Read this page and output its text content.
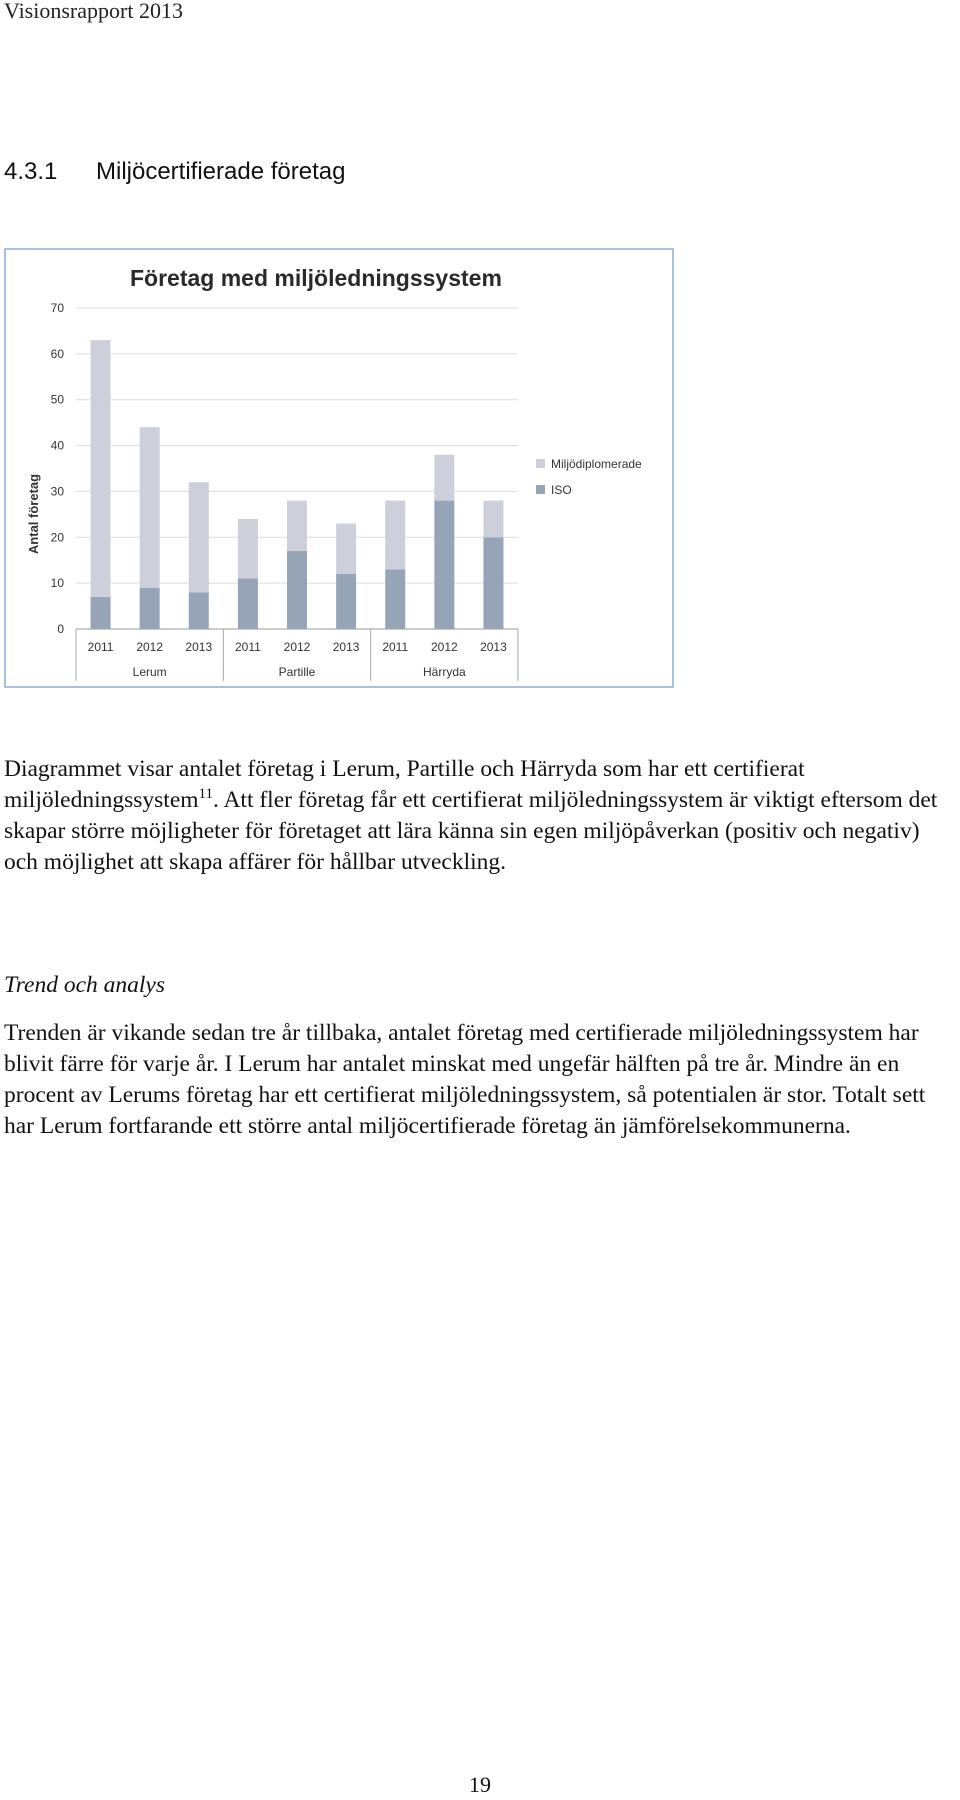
Visionsrapport 2013
4.3.1 Miljöcertifierade företag
Företag med miljöledningssystem
Antal företag
0
10
20
30
40
50
60
70
2011 2012 2013 2011 2012 2013 2011 2012 2013
Lerum	Partille	Härryda
Miljödiplomerade
ISO

Diagrammet visar antalet företag i Lerum, Partille och Härryda som har ett certifierat miljöledningssystem$^{11}$. Att fler företag får ett certifierat miljöledningssystem är viktigt eftersom det skapar större möjligheter för företaget att lära känna sin egen miljöpåverkan (positiv och negativ) och möjlighet att skapa affärer för hållbar utveckling.

Trend och analys

Trenden är vikande sedan tre år tillbaka, antalet företag med certifierade miljöledningssystem har blivit färre för varje år. I Lerum har antalet minskat med ungefär hälften på tre år. Mindre än en procent av Lerums företag har ett certifierat miljöledningssystem, så potentialen är stor. Totalt sett har Lerum fortfarande ett större antal miljöcertifierade företag än jämförelsekommunerna.

19
